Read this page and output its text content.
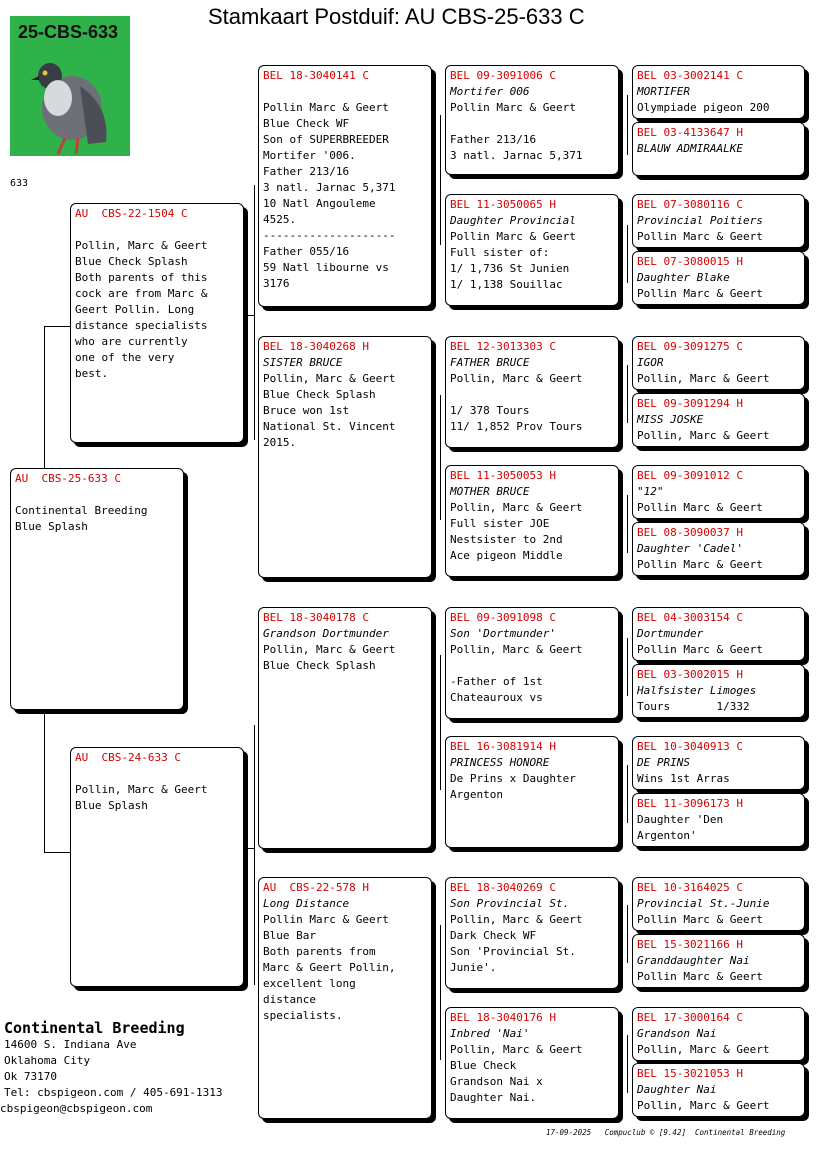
Stamkaart Postduif: AU CBS-25-633 C
25-CBS-633
633
AU  CBS-25-633 C
Continental Breeding
Blue Splash
AU  CBS-22-1504 C
Pollin, Marc & Geert
Blue Check Splash
Both parents of this
cock are from Marc &
Geert Pollin. Long
distance specialists
who are currently
one of the very
best.
AU  CBS-24-633 C
Pollin, Marc & Geert
Blue Splash
BEL 18-3040141 C
Pollin Marc & Geert
Blue Check WF
Son of SUPERBREEDER
Mortifer '006.
Father 213/16
3 natl. Jarnac 5,371
10 Natl Angouleme
4525.
--------------------
Father 055/16
59 Natl libourne vs
3176
BEL 18-3040268 H
SISTER BRUCE
Pollin, Marc & Geert
Blue Check Splash
Bruce won 1st
National St. Vincent
2015.
BEL 18-3040178 C
Grandson Dortmunder
Pollin, Marc & Geert
Blue Check Splash
AU  CBS-22-578 H
Long Distance
Pollin Marc & Geert
Blue Bar
Both parents from
Marc & Geert Pollin,
excellent long
distance
specialists.
BEL 09-3091006 C
Mortifer 006
Pollin Marc & Geert
Father 213/16
3 natl. Jarnac 5,371
BEL 11-3050065 H
Daughter Provincial
Pollin Marc & Geert
Full sister of:
1/ 1,736 St Junien
1/ 1,138 Souillac
BEL 12-3013303 C
FATHER BRUCE
Pollin, Marc & Geert
1/ 378 Tours
11/ 1,852 Prov Tours
BEL 11-3050053 H
MOTHER BRUCE
Pollin, Marc & Geert
Full sister JOE
Nestsister to 2nd
Ace pigeon Middle
BEL 09-3091098 C
Son 'Dortmunder'
Pollin, Marc & Geert
-Father of 1st
Chateauroux vs
BEL 16-3081914 H
PRINCESS HONORE
De Prins x Daughter
Argenton
BEL 18-3040269 C
Son Provincial St.
Pollin, Marc & Geert
Dark Check WF
Son 'Provincial St.
Junie'.
BEL 18-3040176 H
Inbred 'Nai'
Pollin, Marc & Geert
Blue Check
Grandson Nai x
Daughter Nai.
BEL 03-3002141 C
MORTIFER
Olympiade pigeon 200
BEL 03-4133647 H
BLAUW ADMIRAALKE
BEL 07-3080116 C
Provincial Poitiers
Pollin Marc & Geert
BEL 07-3080015 H
Daughter Blake
Pollin Marc & Geert
BEL 09-3091275 C
IGOR
Pollin, Marc & Geert
BEL 09-3091294 H
MISS JOSKE
Pollin, Marc & Geert
BEL 09-3091012 C
"12"
Pollin Marc & Geert
BEL 08-3090037 H
Daughter 'Cadel'
Pollin Marc & Geert
BEL 04-3003154 C
Dortmunder
Pollin Marc & Geert
BEL 03-3002015 H
Halfsister Limoges
Tours       1/332
BEL 10-3040913 C
DE PRINS
Wins 1st Arras
BEL 11-3096173 H
Daughter 'Den
Argenton'
BEL 10-3164025 C
Provincial St.-Junie
Pollin Marc & Geert
BEL 15-3021166 H
Granddaughter Nai
Pollin Marc & Geert
BEL 17-3000164 C
Grandson Nai
Pollin, Marc & Geert
BEL 15-3021053 H
Daughter Nai
Pollin, Marc & Geert
Continental Breeding
14600 S. Indiana Ave
Oklahoma City
Ok 73170
Tel: cbspigeon.com / 405-691-1313
cbspigeon@cbspigeon.com
17-09-2025   Compuclub © [9.42]  Continental Breeding
